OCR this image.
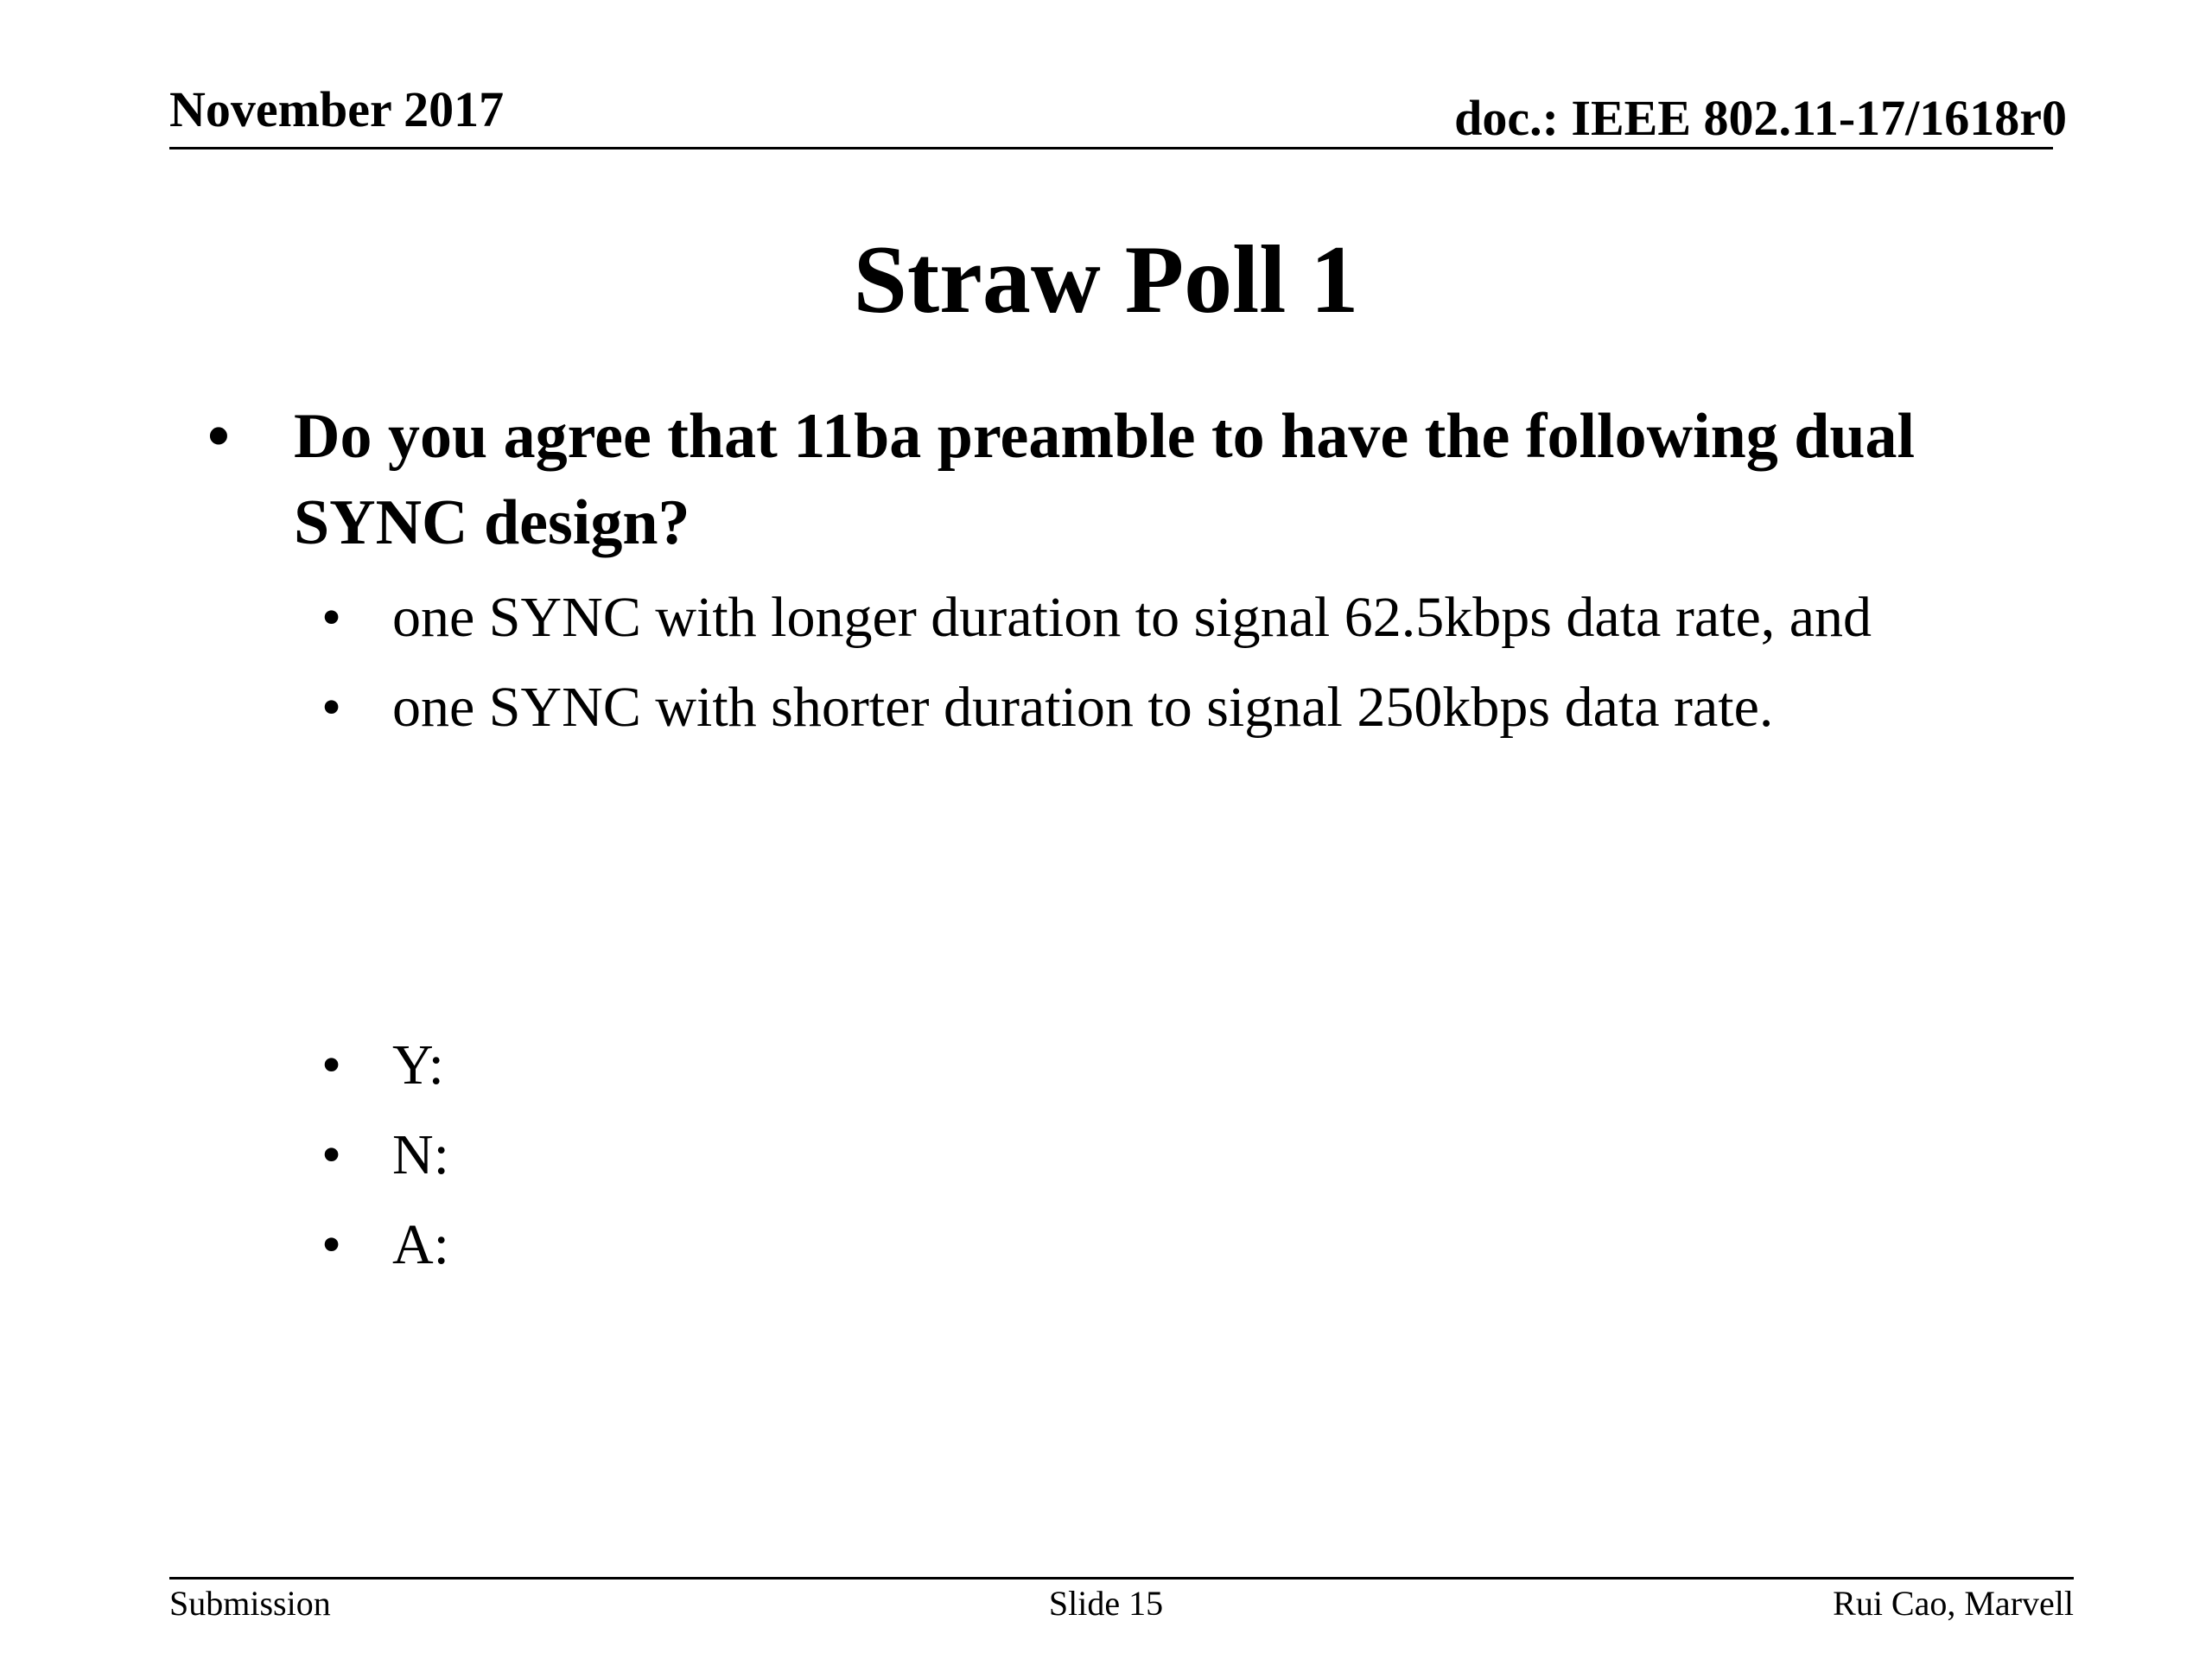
November 2017	doc.: IEEE 802.11-17/1618r0
Straw Poll 1
• Do you agree that 11ba preamble to have the following dual SYNC design?
• one SYNC with longer duration to signal 62.5kbps data rate, and
• one SYNC with shorter duration to signal 250kbps data rate.
• Y:
• N:
• A:
Submission	Slide 15	Rui Cao, Marvell
